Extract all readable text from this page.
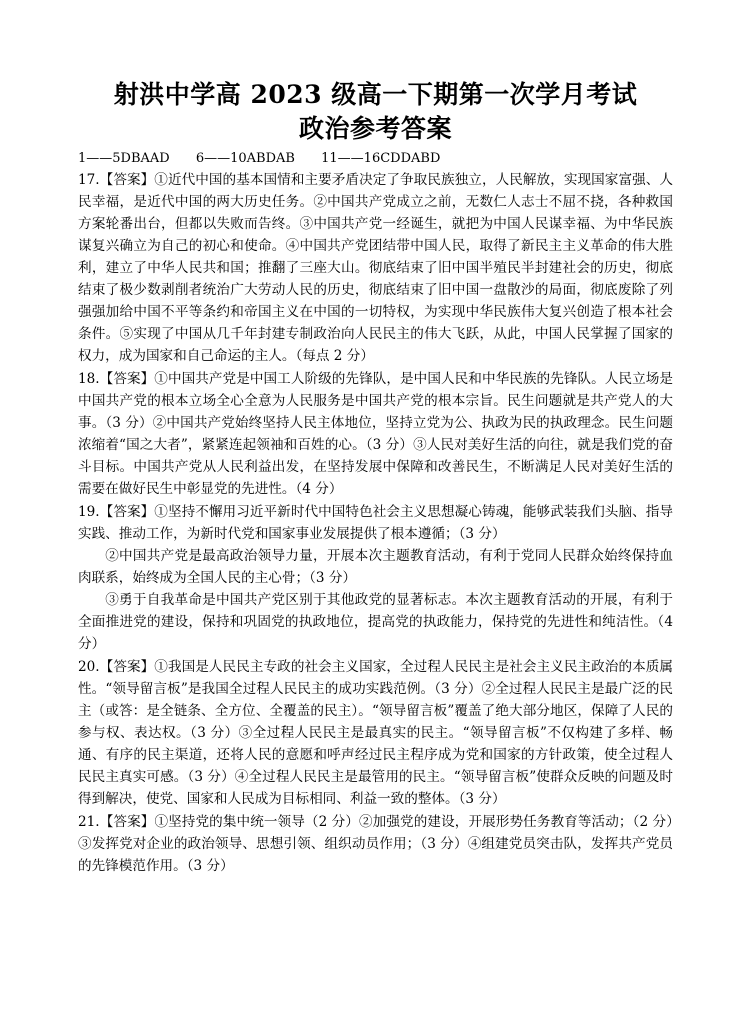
射洪中学高 2023 级高一下期第一次学月考试
政治参考答案

1——5DBAAD 6——10ABDAB 11——16CDDABD

17.【答案】①近代中国的基本国情和主要矛盾决定了争取民族独立，人民解放，实现国家富强、人民幸福，是近代中国的两大历史任务。②中国共产党成立之前，无数仁人志士不屈不挠，各种救国方案轮番出台，但都以失败而告终。③中国共产党一经诞生，就把为中国人民谋幸福、为中华民族谋复兴确立为自己的初心和使命。④中国共产党团结带中国人民，取得了新民主主义革命的伟大胜利，建立了中华人民共和国；推翻了三座大山。彻底结束了旧中国半殖民半封建社会的历史，彻底结束了极少数剥削者统治广大劳动人民的历史，彻底结束了旧中国一盘散沙的局面，彻底废除了列强强加给中国不平等条约和帝国主义在中国的一切特权，为实现中华民族伟大复兴创造了根本社会条件。⑤实现了中国从几千年封建专制政治向人民民主的伟大飞跃，从此，中国人民掌握了国家的权力，成为国家和自己命运的主人。（每点 2 分）

18.【答案】①中国共产党是中国工人阶级的先锋队，是中国人民和中华民族的先锋队。人民立场是中国共产党的根本立场全心全意为人民服务是中国共产党的根本宗旨。民生问题就是共产党人的大事。（3 分）②中国共产党始终坚持人民主体地位，坚持立党为公、执政为民的执政理念。民生问题浓缩着“国之大者”，紧紧连起领袖和百姓的心。（3 分）③人民对美好生活的向往，就是我们党的奋斗目标。中国共产党从人民利益出发，在坚持发展中保障和改善民生，不断满足人民对美好生活的需要在做好民生中彰显党的先进性。（4 分）

19.【答案】①坚持不懈用习近平新时代中国特色社会主义思想凝心铸魂，能够武装我们头脑、指导实践、推动工作，为新时代党和国家事业发展提供了根本遵循；（3 分）
②中国共产党是最高政治领导力量，开展本次主题教育活动，有利于党同人民群众始终保持血肉联系，始终成为全国人民的主心骨；（3 分）
③勇于自我革命是中国共产党区别于其他政党的显著标志。本次主题教育活动的开展，有利于全面推进党的建设，保持和巩固党的执政地位，提高党的执政能力，保持党的先进性和纯洁性。（4 分）

20.【答案】①我国是人民民主专政的社会主义国家，全过程人民民主是社会主义民主政治的本质属性。“领导留言板”是我国全过程人民民主的成功实践范例。（3 分）②全过程人民民主是最广泛的民主（或答：是全链条、全方位、全覆盖的民主）。“领导留言板”覆盖了绝大部分地区，保障了人民的参与权、表达权。（3 分）③全过程人民民主是最真实的民主。“领导留言板”不仅构建了多样、畅通、有序的民主渠道，还将人民的意愿和呼声经过民主程序成为党和国家的方针政策，使全过程人民民主真实可感。（3 分）④全过程人民民主是最管用的民主。“领导留言板”使群众反映的问题及时得到解决，使党、国家和人民成为目标相同、利益一致的整体。（3 分）

21.【答案】①坚持党的集中统一领导（2 分）②加强党的建设，开展形势任务教育等活动；（2 分）③发挥党对企业的政治领导、思想引领、组织动员作用；（3 分）④组建党员突击队，发挥共产党员的先锋模范作用。（3 分）
